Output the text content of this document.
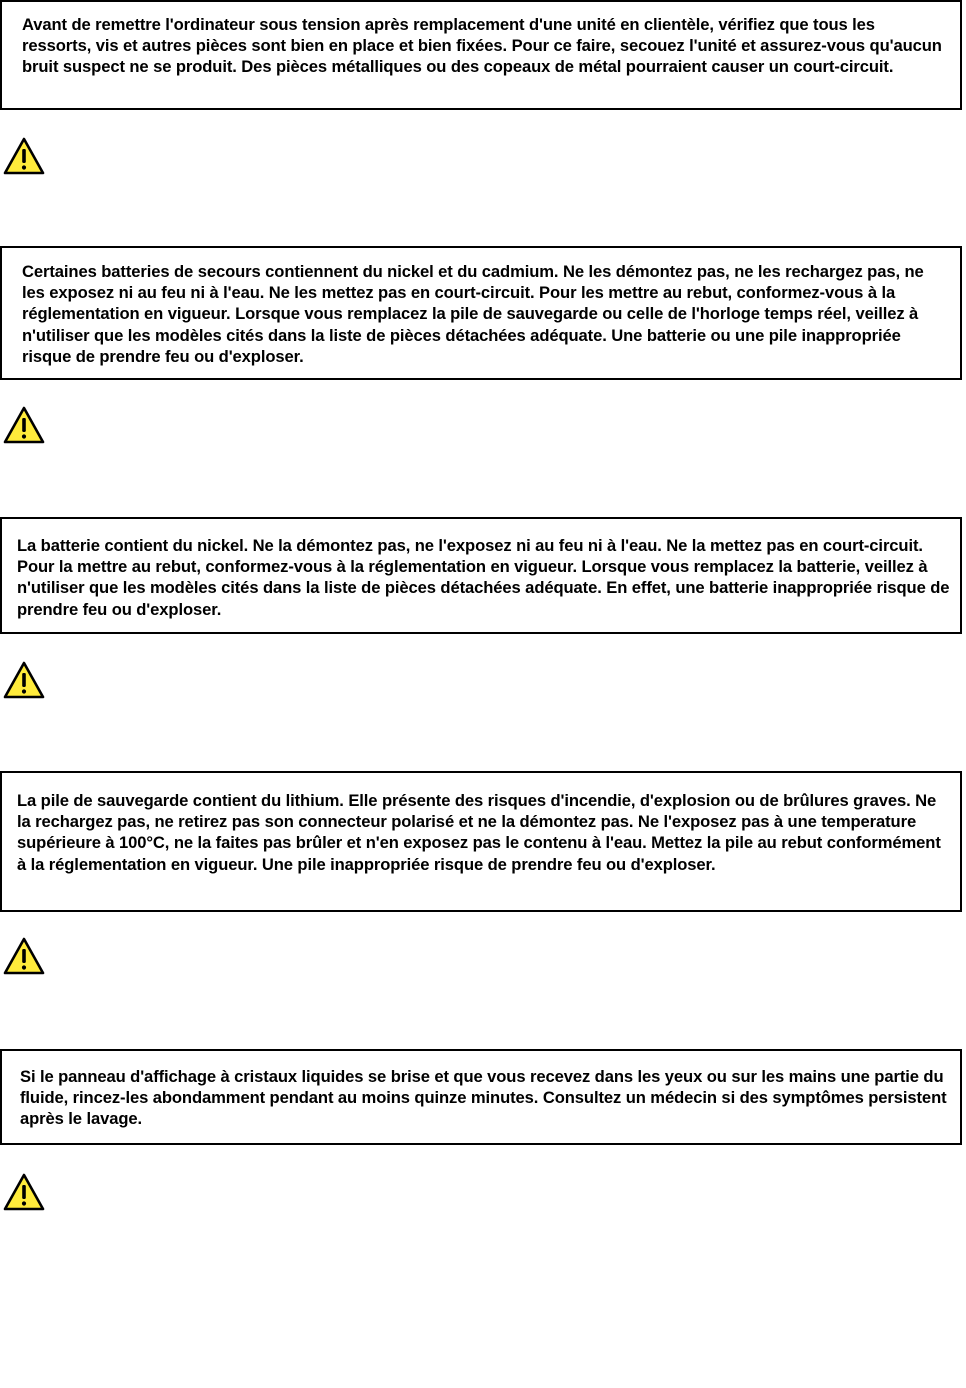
Avant de remettre l'ordinateur sous tension après remplacement d'une unité en clientèle, vérifiez que tous les ressorts, vis et autres pièces sont bien en place et bien fixées. Pour ce faire, secouez l'unité et assurez-vous qu'aucun bruit suspect ne se produit. Des pièces métalliques ou des copeaux de métal pourraient causer un court-circuit.

Certaines batteries de secours contiennent du nickel et du cadmium. Ne les démontez pas, ne les rechargez pas, ne les exposez ni au feu ni à l'eau. Ne les mettez pas en court-circuit. Pour les mettre au rebut, conformez-vous à la réglementation en vigueur. Lorsque vous remplacez la pile de sauvegarde ou celle de l'horloge temps réel, veillez à n'utiliser que les modèles cités dans la liste de pièces détachées adéquate. Une batterie ou une pile inappropriée risque de prendre feu ou d'exploser.

La batterie contient du nickel. Ne la démontez pas, ne l'exposez ni au feu ni à l'eau. Ne la mettez pas en court-circuit. Pour la mettre au rebut, conformez-vous à la réglementation en vigueur. Lorsque vous remplacez la batterie, veillez à n'utiliser que les modèles cités dans la liste de pièces détachées adéquate. En effet, une batterie inappropriée risque de prendre feu ou d'exploser.

La pile de sauvegarde contient du lithium. Elle présente des risques d'incendie, d'explosion ou de brûlures graves. Ne la rechargez pas, ne retirez pas son connecteur polarisé et ne la démontez pas. Ne l'exposez pas à une temperature supérieure à 100°C, ne la faites pas brûler et n'en exposez pas le contenu à l'eau. Mettez la pile au rebut conformément à la réglementation en vigueur. Une pile inappropriée risque de prendre feu ou d'exploser.

Si le panneau d'affichage à cristaux liquides se brise et que vous recevez dans les yeux ou sur les mains une partie du fluide, rincez-les abondamment pendant au moins quinze minutes. Consultez un médecin si des symptômes persistent après le lavage.
